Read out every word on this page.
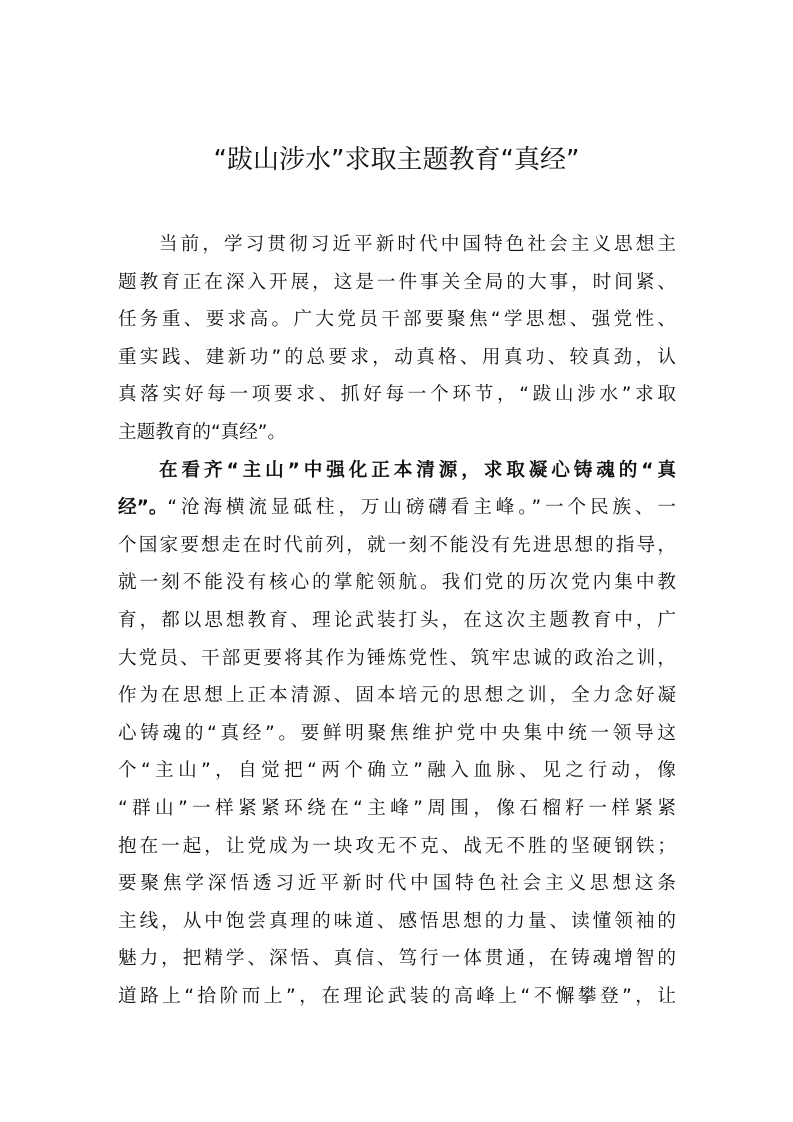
“跋山涉水”求取主题教育“真经”
当前，学习贯彻习近平新时代中国特色社会主义思想主
题教育正在深入开展，这是一件事关全局的大事，时间紧、
任务重、要求高。广大党员干部要聚焦“学思想、强党性、
重实践、建新功”的总要求，动真格、用真功、较真劲，认
真落实好每一项要求、抓好每一个环节，“跋山涉水”求取
主题教育的“真经”。
在看齐“主山”中强化正本清源，求取凝心铸魂的“真
经”。 “沧海横流显砥柱，万山磅礴看主峰。”一个民族、一
个国家要想走在时代前列，就一刻不能没有先进思想的指导，
就一刻不能没有核心的掌舵领航。我们党的历次党内集中教
育，都以思想教育、理论武装打头，在这次主题教育中，广
大党员、干部更要将其作为锤炼党性、筑牢忠诚的政治之训，
作为在思想上正本清源、固本培元的思想之训，全力念好凝
心铸魂的“真经”。要鲜明聚焦维护党中央集中统一领导这
个“主山”，自觉把“两个确立”融入血脉、见之行动，像
“群山”一样紧紧环绕在“主峰”周围，像石榴籽一样紧紧
抱在一起，让党成为一块攻无不克、战无不胜的坚硬钢铁；
要聚焦学深悟透习近平新时代中国特色社会主义思想这条
主线，从中饱尝真理的味道、感悟思想的力量、读懂领袖的
魅力，把精学、深悟、真信、笃行一体贯通，在铸魂增智的
道路上“拾阶而上”，在理论武装的高峰上“不懈攀登”，让
